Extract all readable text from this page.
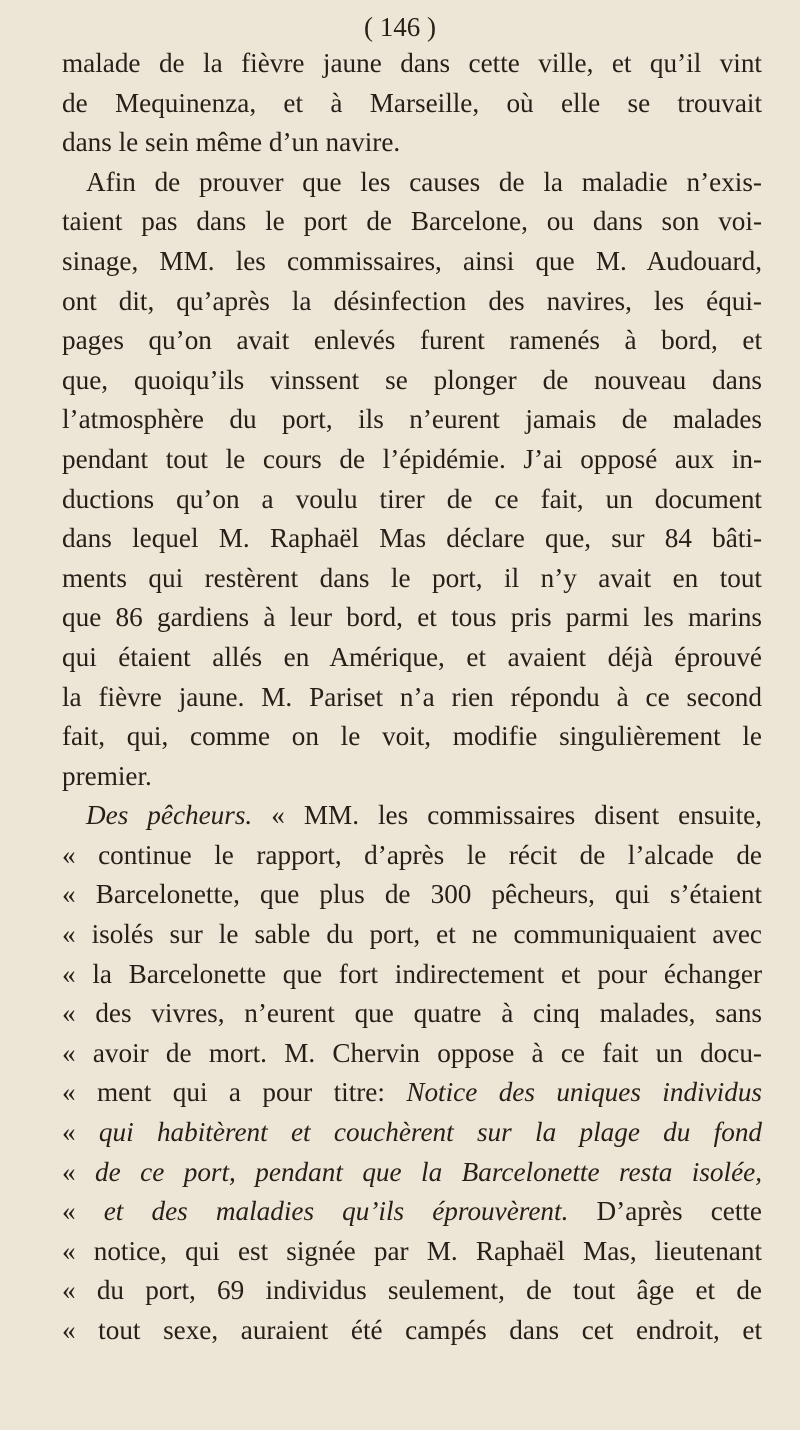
( 146 )
malade de la fièvre jaune dans cette ville, et qu’il vint
de Mequinenza, et à Marseille, où elle se trouvait
dans le sein même d’un navire.
Afin de prouver que les causes de la maladie n’exis-
taient pas dans le port de Barcelone, ou dans son voi-
sinage, MM. les commissaires, ainsi que M. Audouard,
ont dit, qu’après la désinfection des navires, les équi-
pages qu’on avait enlevés furent ramenés à bord, et
que, quoiqu’ils vinssent se plonger de nouveau dans
l’atmosphère du port, ils n’eurent jamais de malades
pendant tout le cours de l’épidémie. J’ai opposé aux in-
ductions qu’on a voulu tirer de ce fait, un document
dans lequel M. Raphaël Mas déclare que, sur 84 bâti-
ments qui restèrent dans le port, il n’y avait en tout
que 86 gardiens à leur bord, et tous pris parmi les marins
qui étaient allés en Amérique, et avaient déjà éprouvé
la fièvre jaune. M. Pariset n’a rien répondu à ce second
fait, qui, comme on le voit, modifie singulièrement le
premier.
Des pêcheurs. « MM. les commissaires disent ensuite,
« continue le rapport, d’après le récit de l’alcade de
« Barcelonette, que plus de 300 pêcheurs, qui s’étaient
« isolés sur le sable du port, et ne communiquaient avec
« la Barcelonette que fort indirectement et pour échanger
« des vivres, n’eurent que quatre à cinq malades, sans
« avoir de mort. M. Chervin oppose à ce fait un docu-
« ment qui a pour titre: Notice des uniques individus
« qui habitèrent et couchèrent sur la plage du fond
« de ce port, pendant que la Barcelonette resta isolée,
« et des maladies qu’ils éprouvèrent. D’après cette
« notice, qui est signée par M. Raphaël Mas, lieutenant
« du port, 69 individus seulement, de tout âge et de
« tout sexe, auraient été campés dans cet endroit, et
